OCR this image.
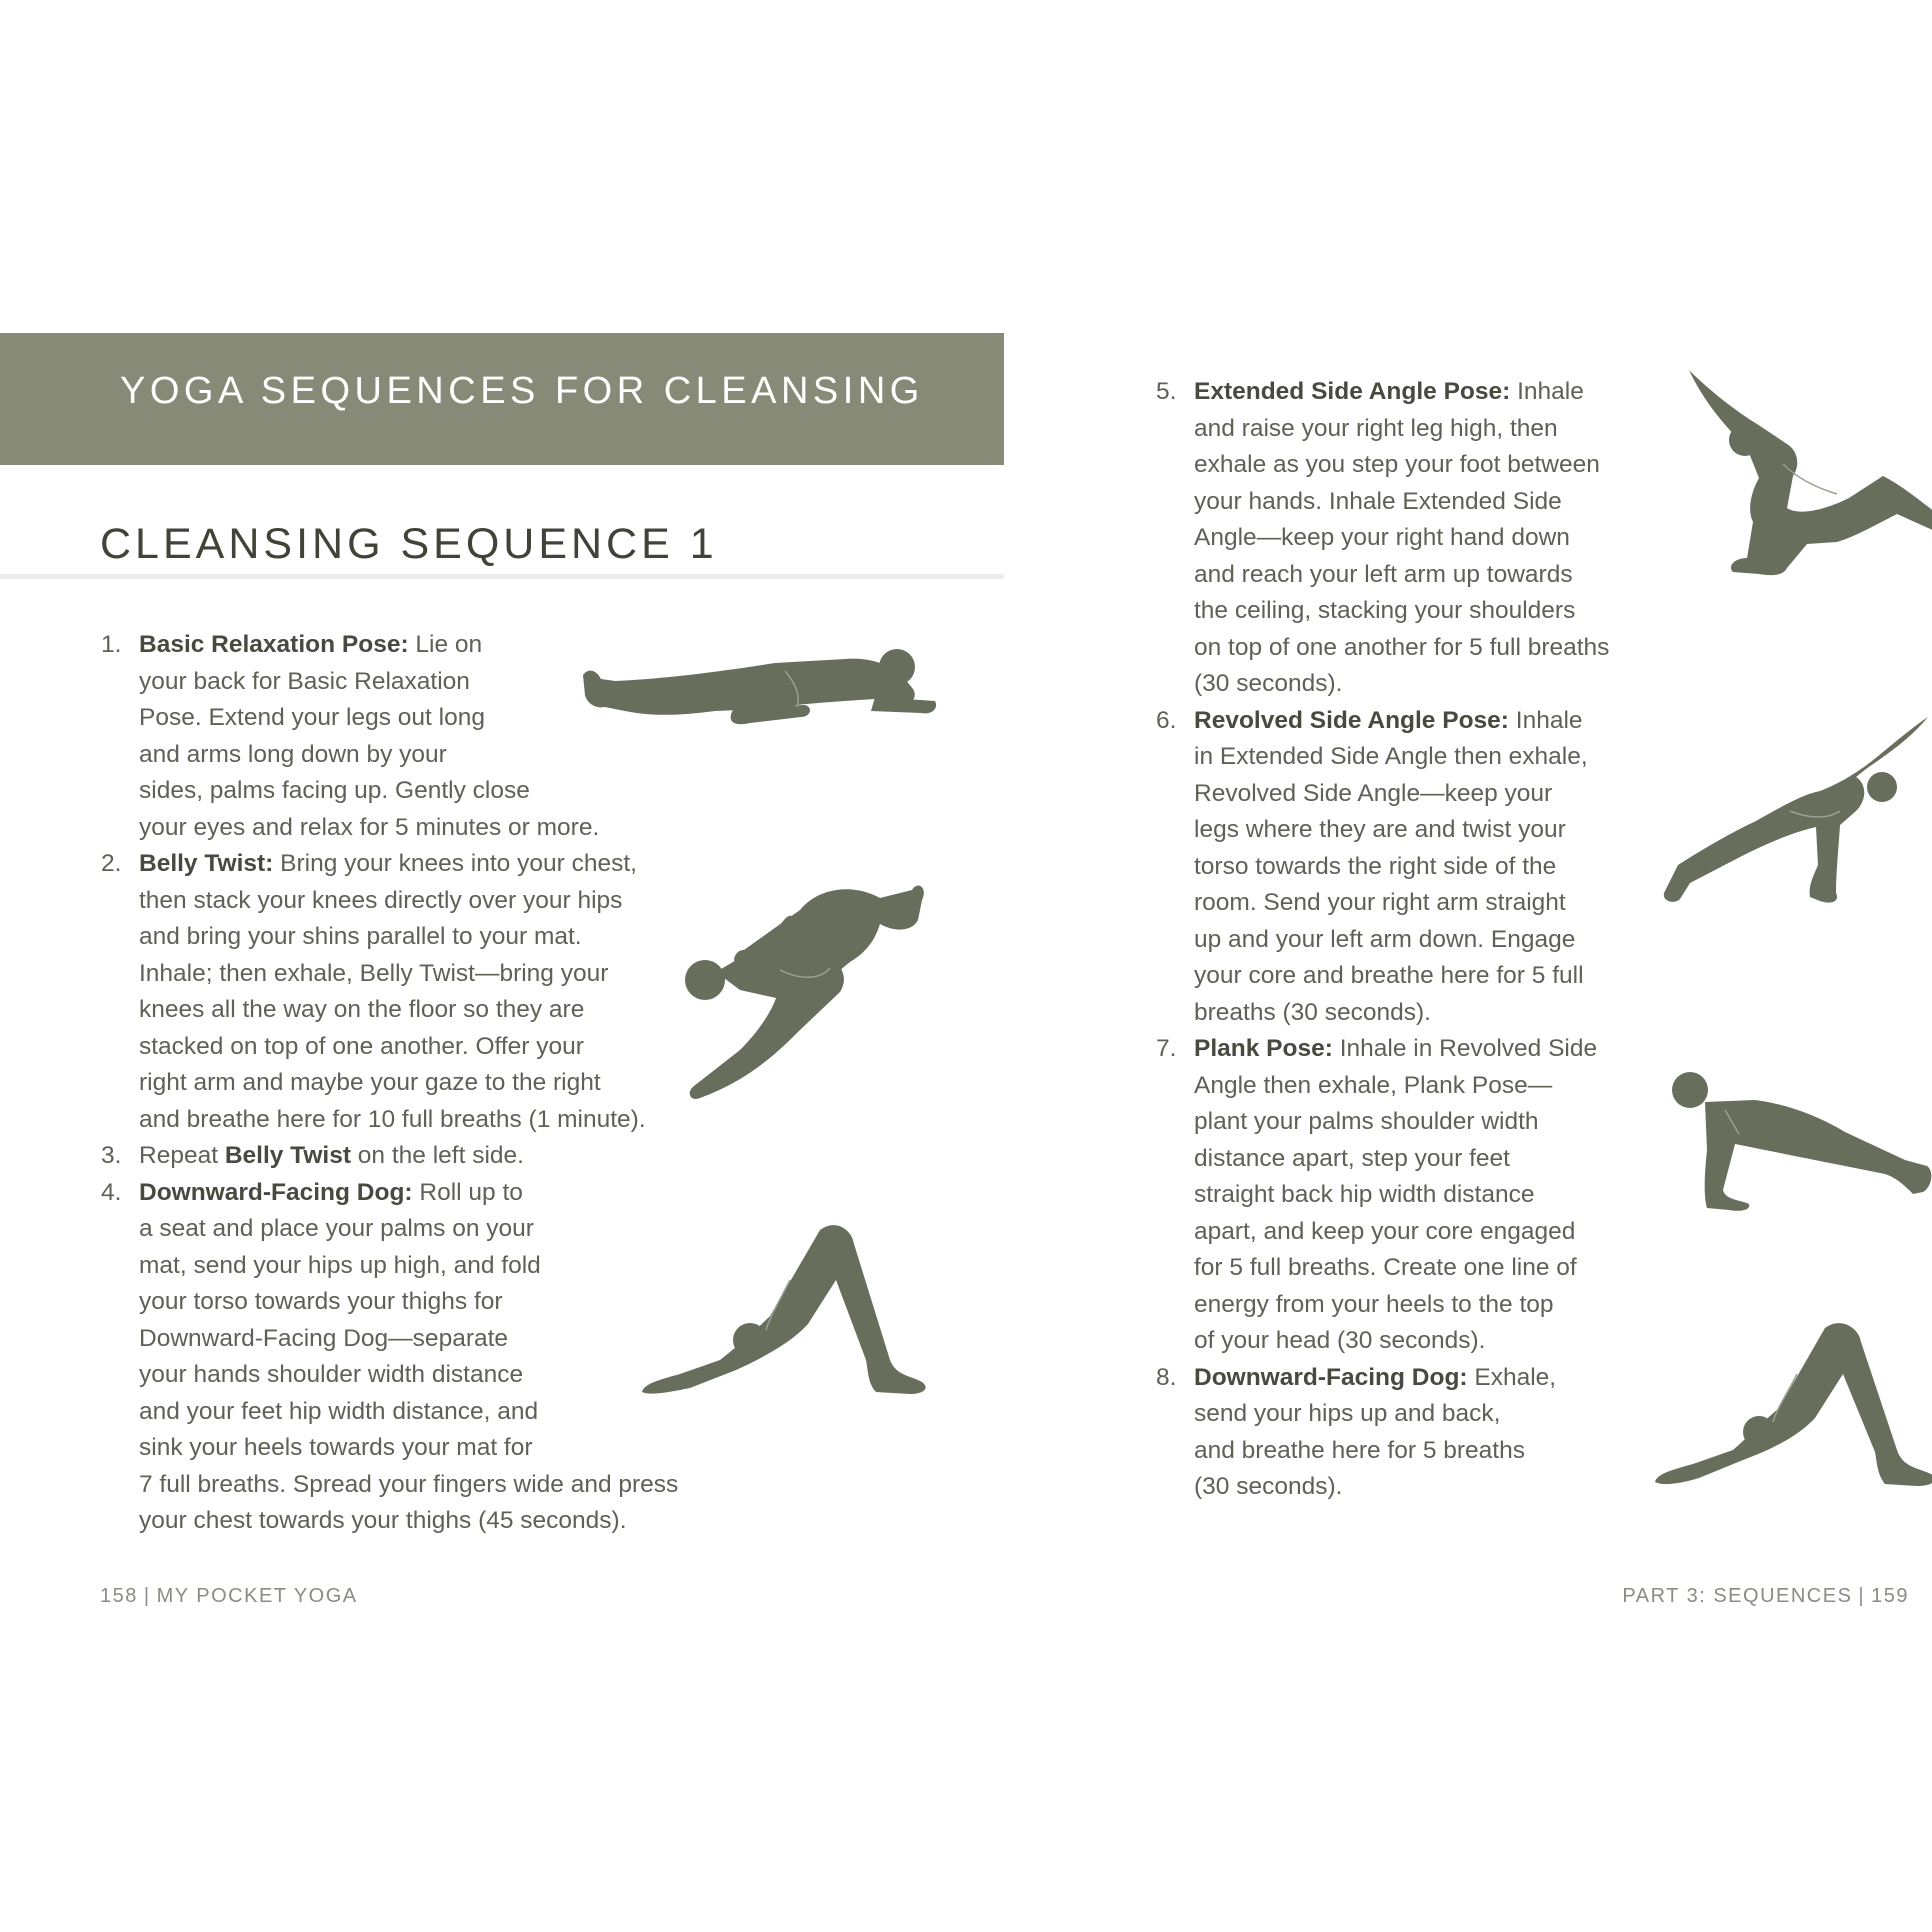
YOGA SEQUENCES FOR CLEANSING
CLEANSING SEQUENCE 1
1. Basic Relaxation Pose: Lie on
your back for Basic Relaxation
Pose. Extend your legs out long
and arms long down by your
sides, palms facing up. Gently close
your eyes and relax for 5 minutes or more.
2. Belly Twist: Bring your knees into your chest,
then stack your knees directly over your hips
and bring your shins parallel to your mat.
Inhale; then exhale, Belly Twist—bring your
knees all the way on the floor so they are
stacked on top of one another. Offer your
right arm and maybe your gaze to the right
and breathe here for 10 full breaths (1 minute).
3. Repeat Belly Twist on the left side.
4. Downward-Facing Dog: Roll up to
a seat and place your palms on your
mat, send your hips up high, and fold
your torso towards your thighs for
Downward-Facing Dog—separate
your hands shoulder width distance
and your feet hip width distance, and
sink your heels towards your mat for
7 full breaths. Spread your fingers wide and press
your chest towards your thighs (45 seconds).
5. Extended Side Angle Pose: Inhale
and raise your right leg high, then
exhale as you step your foot between
your hands. Inhale Extended Side
Angle—keep your right hand down
and reach your left arm up towards
the ceiling, stacking your shoulders
on top of one another for 5 full breaths
(30 seconds).
6. Revolved Side Angle Pose: Inhale
in Extended Side Angle then exhale,
Revolved Side Angle—keep your
legs where they are and twist your
torso towards the right side of the
room. Send your right arm straight
up and your left arm down. Engage
your core and breathe here for 5 full
breaths (30 seconds).
7. Plank Pose: Inhale in Revolved Side
Angle then exhale, Plank Pose—
plant your palms shoulder width
distance apart, step your feet
straight back hip width distance
apart, and keep your core engaged
for 5 full breaths. Create one line of
energy from your heels to the top
of your head (30 seconds).
8. Downward-Facing Dog: Exhale,
send your hips up and back,
and breathe here for 5 breaths
(30 seconds).
158 | MY POCKET YOGA	PART 3: SEQUENCES | 159
